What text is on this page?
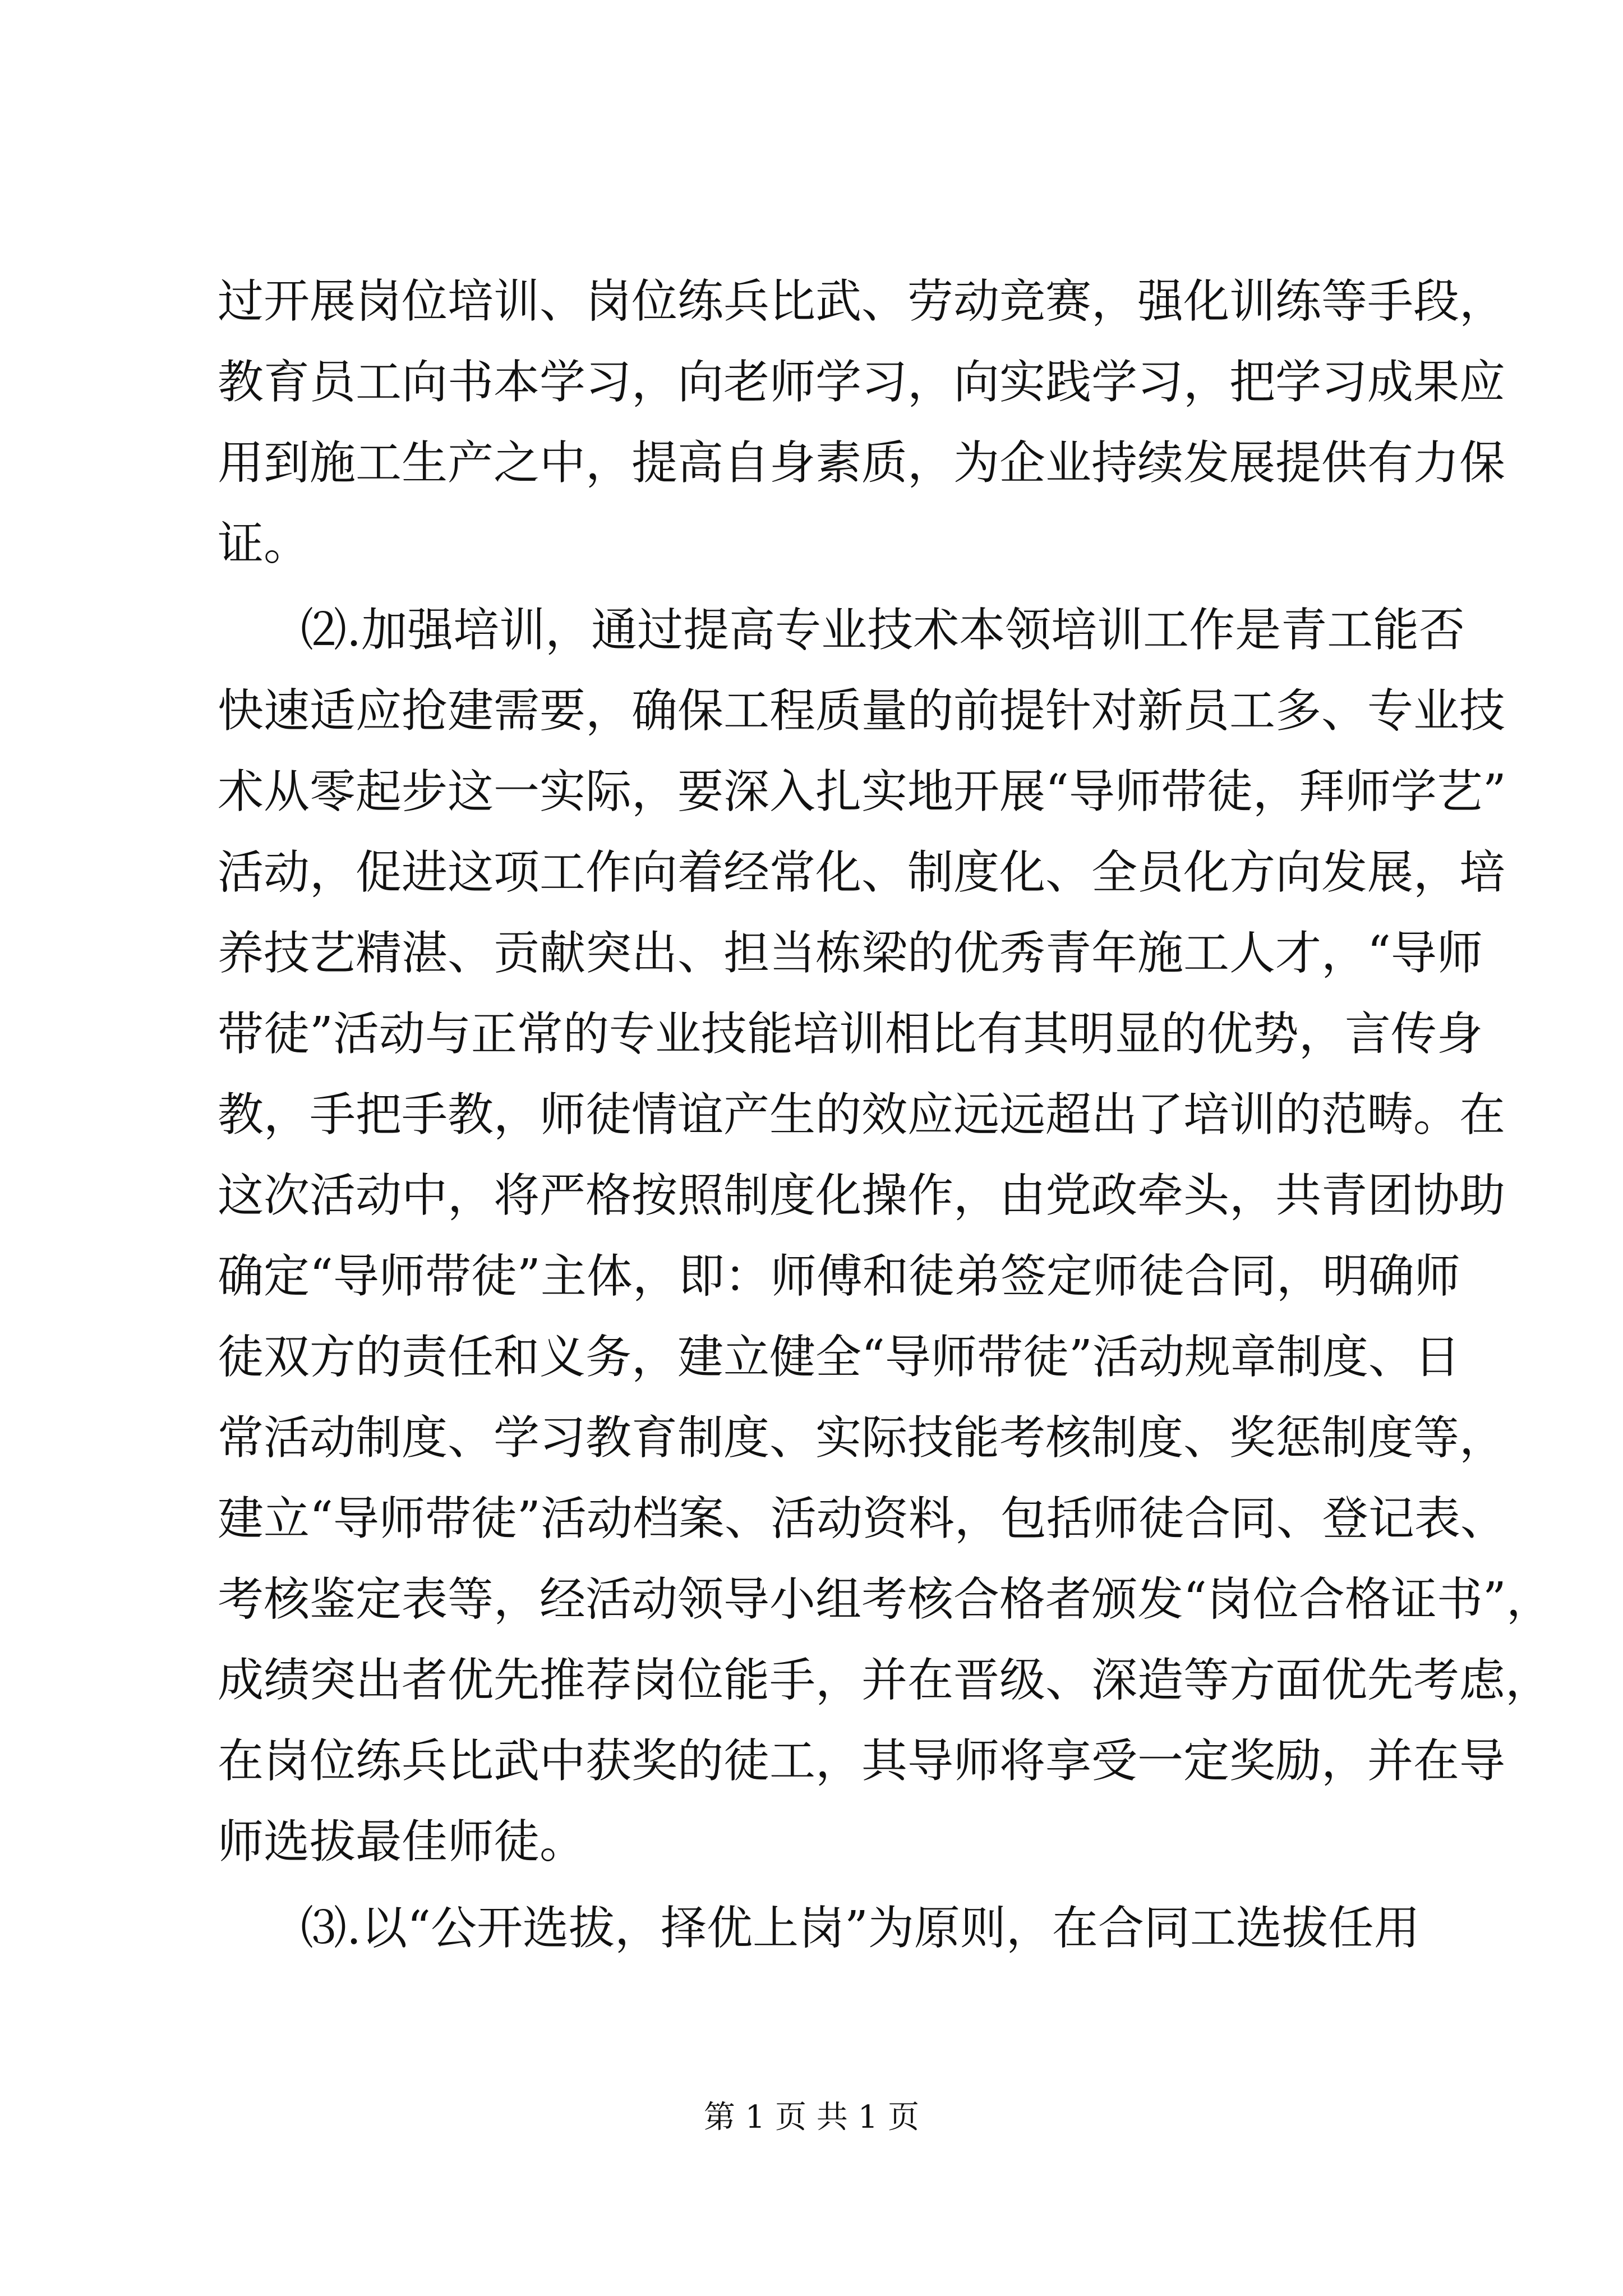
过开展岗位培训、岗位练兵比武、劳动竞赛，强化训练等手段，
教育员工向书本学习，向老师学习，向实践学习，把学习成果应
用到施工生产之中，提高自身素质，为企业持续发展提供有力保
证。
⑵.加强培训，通过提高专业技术本领培训工作是青工能否
快速适应抢建需要，确保工程质量的前提针对新员工多、专业技
术从零起步这一实际，要深入扎实地开展“导师带徒，拜师学艺”
活动，促进这项工作向着经常化、制度化、全员化方向发展，培
养技艺精湛、贡献突出、担当栋梁的优秀青年施工人才，“导师
带徒”活动与正常的专业技能培训相比有其明显的优势，言传身
教，手把手教，师徒情谊产生的效应远远超出了培训的范畴。在
这次活动中，将严格按照制度化操作，由党政牵头，共青团协助
确定“导师带徒”主体，即：师傅和徒弟签定师徒合同，明确师
徒双方的责任和义务，建立健全“导师带徒”活动规章制度、日
常活动制度、学习教育制度、实际技能考核制度、奖惩制度等，
建立“导师带徒”活动档案、活动资料，包括师徒合同、登记表、
考核鉴定表等，经活动领导小组考核合格者颁发“岗位合格证书”，
成绩突出者优先推荐岗位能手，并在晋级、深造等方面优先考虑，
在岗位练兵比武中获奖的徒工，其导师将享受一定奖励，并在导
师选拔最佳师徒。
⑶.以“公开选拔，择优上岗”为原则，在合同工选拔任用
第 1 页 共 1 页
